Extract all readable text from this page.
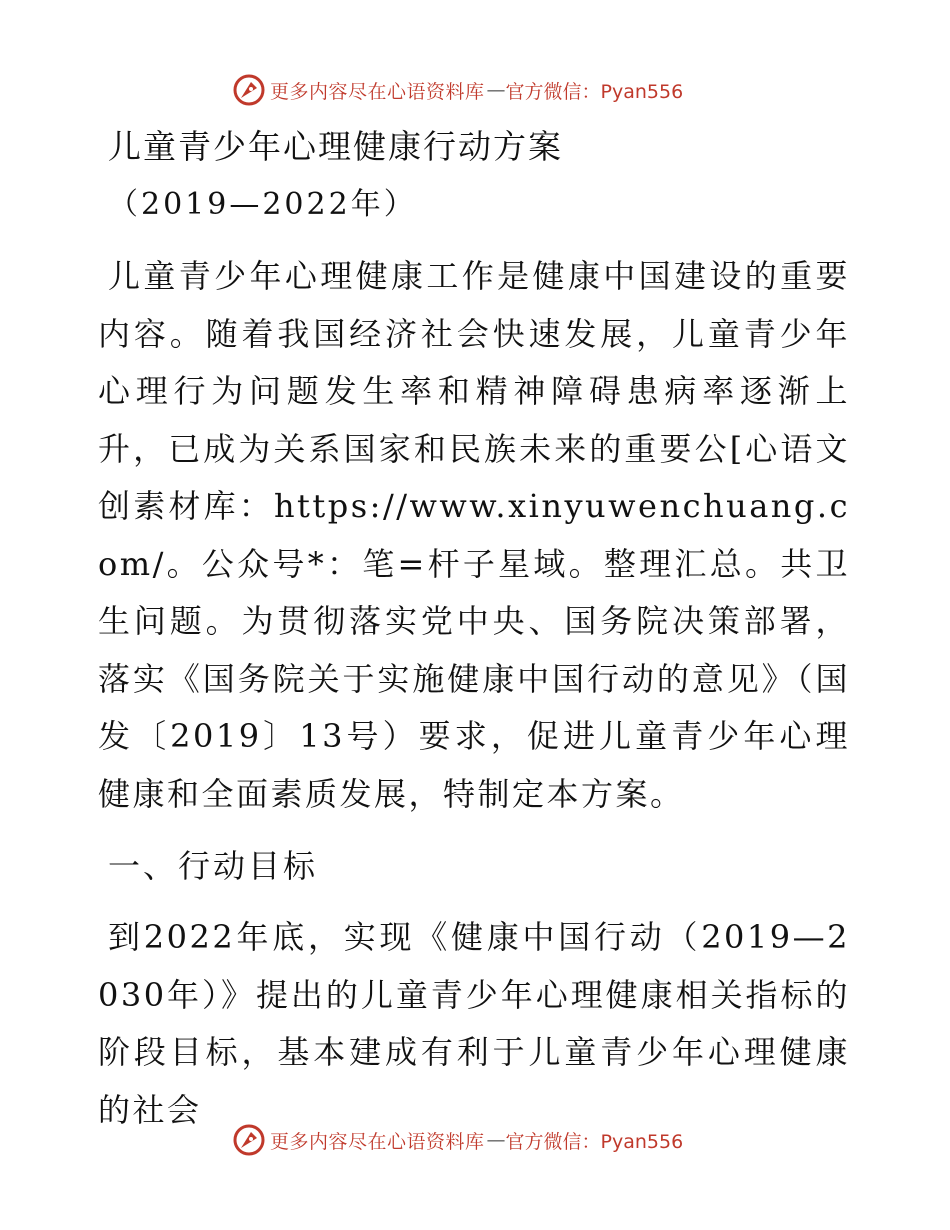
更多内容尽在心语资料库 — 官方微信：Pyan556
儿童青少年心理健康行动方案
（2019—2022年）

儿童青少年心理健康工作是健康中国建设的重要内容。随着我国经济社会快速发展，儿童青少年心理行为问题发生率和精神障碍患病率逐渐上升，已成为关系国家和民族未来的重要公[心语文创素材库：https://www.xinyuwenchuang.com/。公众号*：笔=杆子星域。整理汇总。共卫生问题。为贯彻落实党中央、国务院决策部署，落实《国务院关于实施健康中国行动的意见》（国发〔2019〕13号）要求，促进儿童青少年心理健康和全面素质发展，特制定本方案。

一、行动目标

到2022年底，实现《健康中国行动（2019—2030年）》提出的儿童青少年心理健康相关指标的阶段目标，基本建成有利于儿童青少年心理健康的社会

更多内容尽在心语资料库 — 官方微信：Pyan556
